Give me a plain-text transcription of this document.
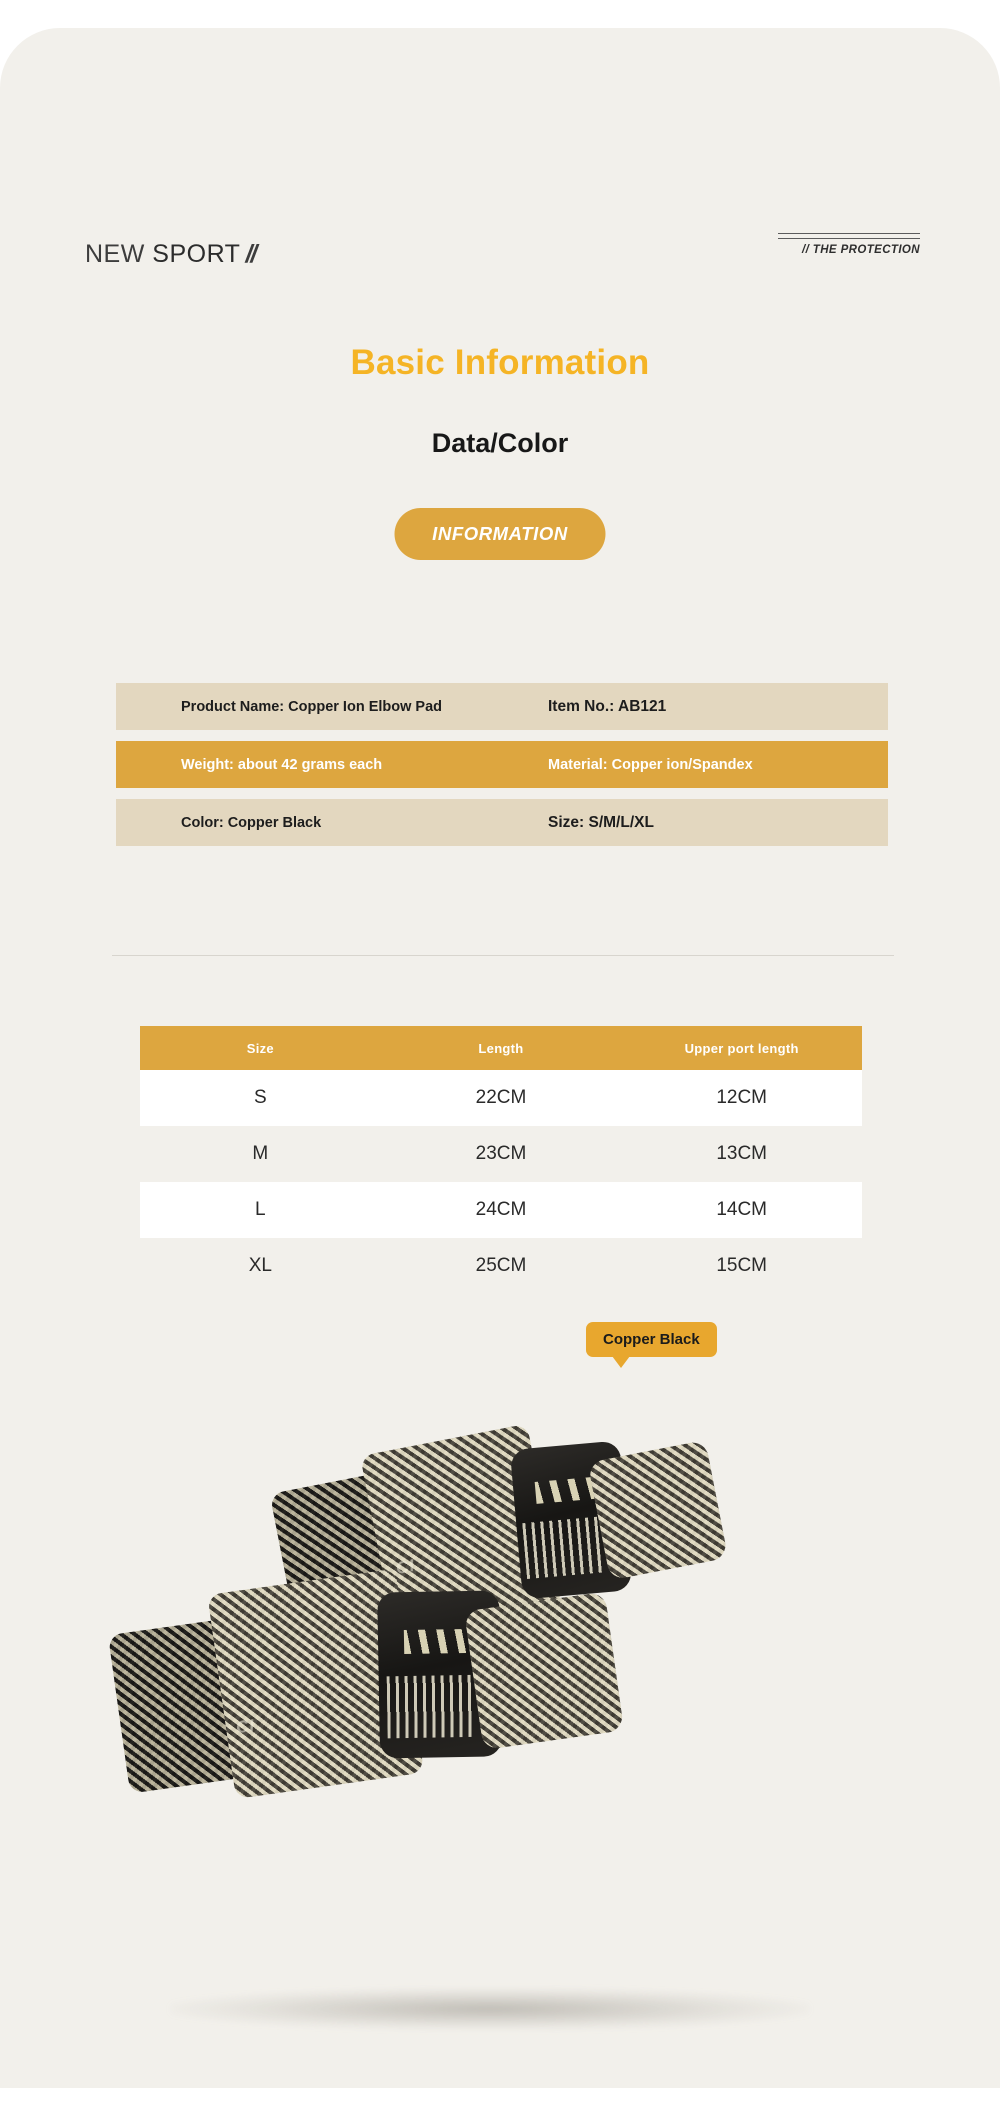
NEW SPORT //	// THE PROTECTION
Basic Information
Data/Color
INFORMATION
Product Name: Copper Ion Elbow Pad	Item No.: AB121
Weight: about 42 grams each	Material: Copper ion/Spandex
Color: Copper Black	Size: S/M/L/XL
Size	Length	Upper port length
S	22CM	12CM
M	23CM	13CM
L	24CM	14CM
XL	25CM	15CM
CI
CI
Copper Black
